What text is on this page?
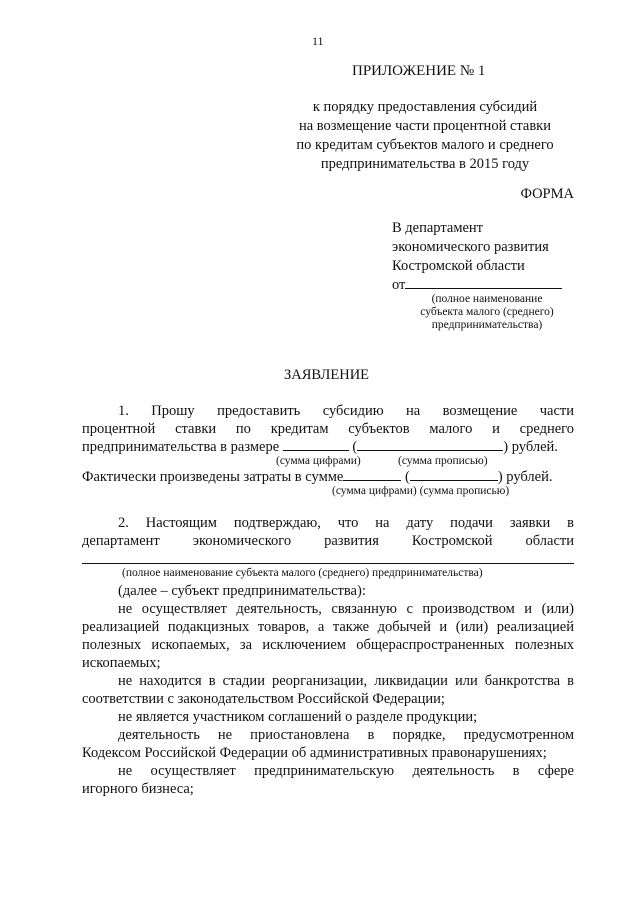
11
ПРИЛОЖЕНИЕ № 1
к порядку предоставления субсидий
на возмещение части процентной ставки
по кредитам субъектов малого и среднего
предпринимательства в 2015 году
ФОРМА
В департамент
экономического развития
Костромской области
от
(полное наименование
субъекта малого (среднего)
предпринимательства)
ЗАЯВЛЕНИЕ
1. Прошу предоставить субсидию на возмещение части
процентной ставки по кредитам субъектов малого и среднего
предпринимательства в размере	(	) рублей.
(сумма цифрами)	(сумма прописью)
Фактически произведены затраты в сумме	(	) рублей.
(сумма цифрами) (сумма прописью)
2. Настоящим подтверждаю, что на дату подачи заявки в
департамент экономического развития Костромской области
(полное наименование субъекта малого (среднего) предпринимательства)
(далее – субъект предпринимательства):
не осуществляет деятельность, связанную с производством и (или)
реализацией подакцизных товаров, а также добычей и (или) реализацией
полезных ископаемых, за исключением общераспространенных полезных
ископаемых;
не находится в стадии реорганизации, ликвидации или банкротства в
соответствии с законодательством Российской Федерации;
не является участником соглашений о разделе продукции;
деятельность не приостановлена в порядке, предусмотренном
Кодексом Российской Федерации об административных правонарушениях;
не осуществляет предпринимательскую деятельность в сфере
игорного бизнеса;
